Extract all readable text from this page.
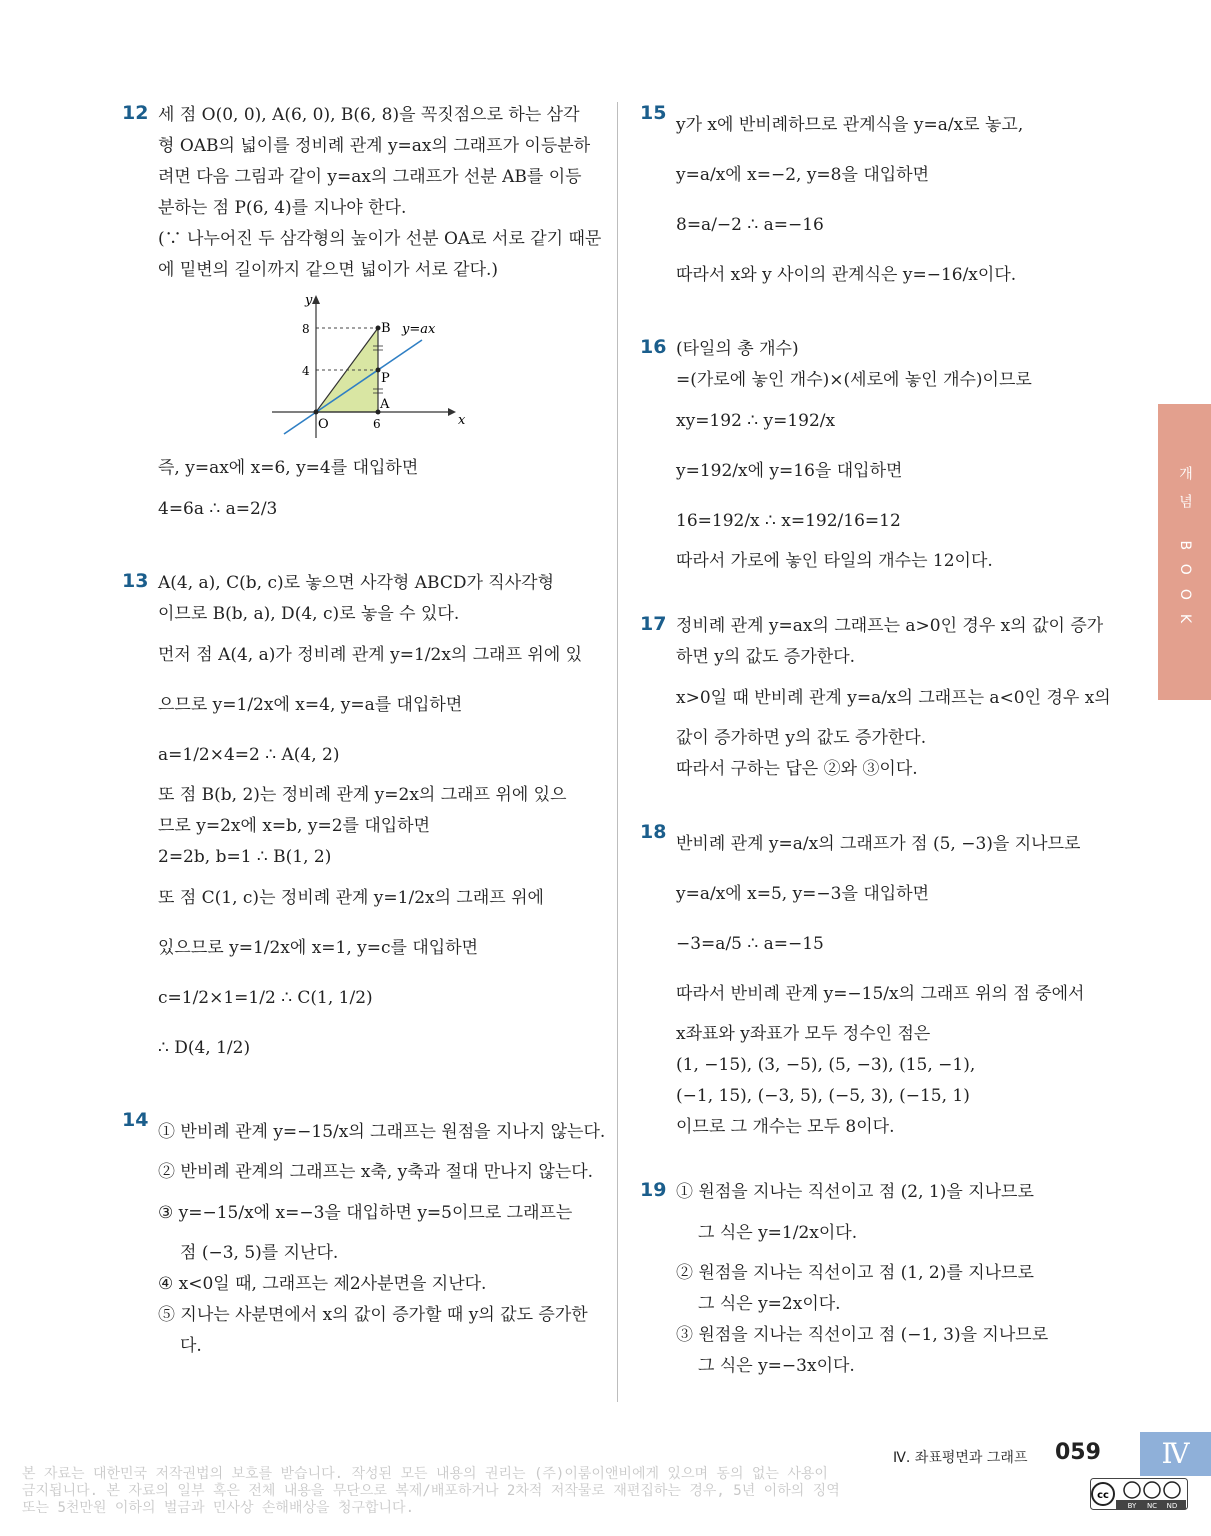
12 세 점 O(0, 0), A(6, 0), B(6, 8)을 꼭짓점으로 하는 삼각
형 OAB의 넓이를 정비례 관계 y=ax의 그래프가 이등분하
려면 다음 그림과 같이 y=ax의 그래프가 선분 AB를 이등
분하는 점 P(6, 4)를 지나야 한다.
(∵ 나누어진 두 삼각형의 높이가 선분 OA로 서로 같기 때문
에 밑변의 길이까지 같으면 넓이가 서로 같다.)
y
x
8
4
6
O
A
B
P
y=ax
즉, y=ax에 x=6, y=4를 대입하면
4=6a ∴ a=2/3
13 A(4, a), C(b, c)로 놓으면 사각형 ABCD가 직사각형
이므로 B(b, a), D(4, c)로 놓을 수 있다.
먼저 점 A(4, a)가 정비례 관계 y=1/2x의 그래프 위에 있
으므로 y=1/2x에 x=4, y=a를 대입하면
a=1/2×4=2 ∴ A(4, 2)
또 점 B(b, 2)는 정비례 관계 y=2x의 그래프 위에 있으
므로 y=2x에 x=b, y=2를 대입하면
2=2b, b=1 ∴ B(1, 2)
또 점 C(1, c)는 정비례 관계 y=1/2x의 그래프 위에
있으므로 y=1/2x에 x=1, y=c를 대입하면
c=1/2×1=1/2 ∴ C(1, 1/2)
∴ D(4, 1/2)
14
① 반비례 관계 y=−15/x의 그래프는 원점을 지나지 않는다.
② 반비례 관계의 그래프는 x축, y축과 절대 만나지 않는다.
③ y=−15/x에 x=−3을 대입하면 y=5이므로 그래프는
점 (−3, 5)를 지난다.
④ x<0일 때, 그래프는 제2사분면을 지난다.
⑤ 지나는 사분면에서 x의 값이 증가할 때 y의 값도 증가한
다.
15
y가 x에 반비례하므로 관계식을 y=a/x로 놓고,
y=a/x에 x=−2, y=8을 대입하면
8=a/−2 ∴ a=−16
따라서 x와 y 사이의 관계식은 y=−16/x이다.
16 (타일의 총 개수)
=(가로에 놓인 개수)×(세로에 놓인 개수)이므로
xy=192 ∴ y=192/x
y=192/x에 y=16을 대입하면
16=192/x ∴ x=192/16=12
따라서 가로에 놓인 타일의 개수는 12이다.
17 정비례 관계 y=ax의 그래프는 a>0인 경우 x의 값이 증가
하면 y의 값도 증가한다.
x>0일 때 반비례 관계 y=a/x의 그래프는 a<0인 경우 x의
값이 증가하면 y의 값도 증가한다.
따라서 구하는 답은 ②와 ③이다.
18
반비례 관계 y=a/x의 그래프가 점 (5, −3)을 지나므로
y=a/x에 x=5, y=−3을 대입하면
−3=a/5 ∴ a=−15
따라서 반비례 관계 y=−15/x의 그래프 위의 점 중에서
x좌표와 y좌표가 모두 정수인 점은
(1, −15), (3, −5), (5, −3), (15, −1),
(−1, 15), (−3, 5), (−5, 3), (−15, 1)
이므로 그 개수는 모두 8이다.
19 ① 원점을 지나는 직선이고 점 (2, 1)을 지나므로
그 식은 y=1/2x이다.
② 원점을 지나는 직선이고 점 (1, 2)를 지나므로
그 식은 y=2x이다.
③ 원점을 지나는 직선이고 점 (−1, 3)을 지나므로
그 식은 y=−3x이다.
개념 BOOK
Ⅳ. 좌표평면과 그래프 059	Ⅳ
본 자료는 대한민국 저작권법의 보호를 받습니다. 작성된 모든 내용의 권리는 (주)이룸이앤비에게 있으며 동의 없는 사용이
금지됩니다. 본 자료의 일부 혹은 전체 내용을 무단으로 복제/배포하거나 2차적 저작물로 재편집하는 경우, 5년 이하의 징역
또는 5천만원 이하의 벌금과 민사상 손해배상을 청구합니다.
cc
BY NC ND
